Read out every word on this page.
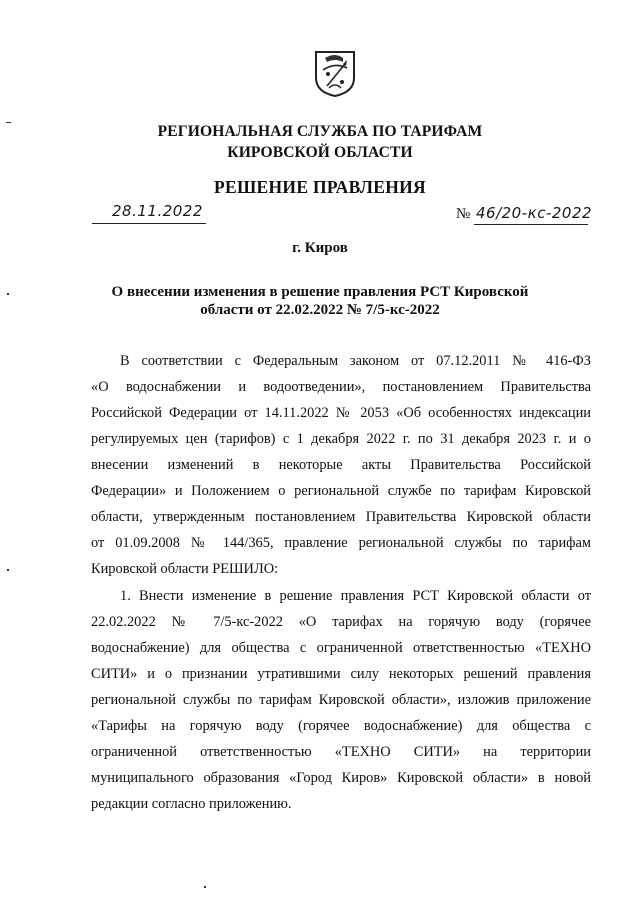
РЕГИОНАЛЬНАЯ СЛУЖБА ПО ТАРИФАМ
КИРОВСКОЙ ОБЛАСТИ
РЕШЕНИЕ ПРАВЛЕНИЯ
28.11.2022	№ 46/20-кс-2022
г. Киров
О внесении изменения в решение правления РСТ Кировской
области от 22.02.2022 № 7/5-кс-2022
В соответствии с Федеральным законом от 07.12.2011 № 416-ФЗ
«О водоснабжении и водоотведении», постановлением Правительства
Российской Федерации от 14.11.2022 № 2053 «Об особенностях индексации
регулируемых цен (тарифов) с 1 декабря 2022 г. по 31 декабря 2023 г. и о
внесении изменений в некоторые акты Правительства Российской
Федерации» и Положением о региональной службе по тарифам Кировской
области, утвержденным постановлением Правительства Кировской области
от 01.09.2008 № 144/365, правление региональной службы по тарифам
Кировской области РЕШИЛО:
1. Внести изменение в решение правления РСТ Кировской области от
22.02.2022 № 7/5-кс-2022 «О тарифах на горячую воду (горячее
водоснабжение) для общества с ограниченной ответственностью «ТЕХНО
СИТИ» и о признании утратившими силу некоторых решений правления
региональной службы по тарифам Кировской области», изложив приложение
«Тарифы на горячую воду (горячее водоснабжение) для общества с
ограниченной ответственностью «ТЕХНО СИТИ» на территории
муниципального образования «Город Киров» Кировской области» в новой
редакции согласно приложению.
